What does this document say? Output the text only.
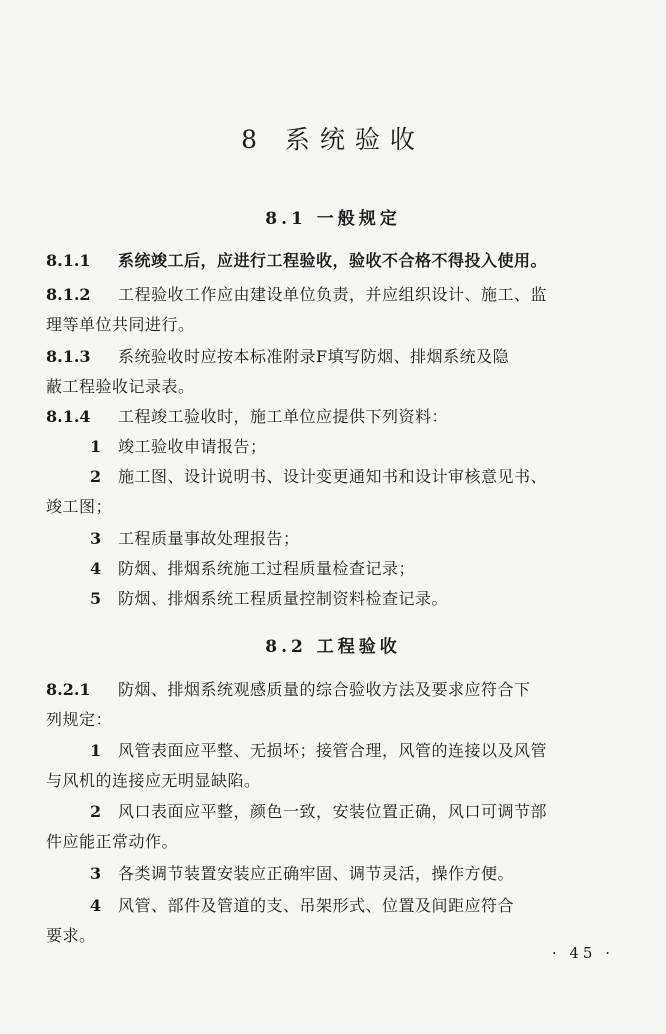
8 系统验收
8.1 一般规定
8.1.1 系统竣工后，应进行工程验收，验收不合格不得投入使用。
8.1.2 工程验收工作应由建设单位负责，并应组织设计、施工、监
理等单位共同进行。
8.1.3 系统验收时应按本标准附录F填写防烟、排烟系统及隐
蔽工程验收记录表。
8.1.4 工程竣工验收时，施工单位应提供下列资料：
1 竣工验收申请报告；
2 施工图、设计说明书、设计变更通知书和设计审核意见书、
竣工图；
3 工程质量事故处理报告；
4 防烟、排烟系统施工过程质量检查记录；
5 防烟、排烟系统工程质量控制资料检查记录。
8.2 工程验收
8.2.1 防烟、排烟系统观感质量的综合验收方法及要求应符合下
列规定：
1 风管表面应平整、无损坏；接管合理，风管的连接以及风管
与风机的连接应无明显缺陷。
2 风口表面应平整，颜色一致，安装位置正确，风口可调节部
件应能正常动作。
3 各类调节装置安装应正确牢固、调节灵活，操作方便。
4 风管、部件及管道的支、吊架形式、位置及间距应符合
要求。
· 45 ·
